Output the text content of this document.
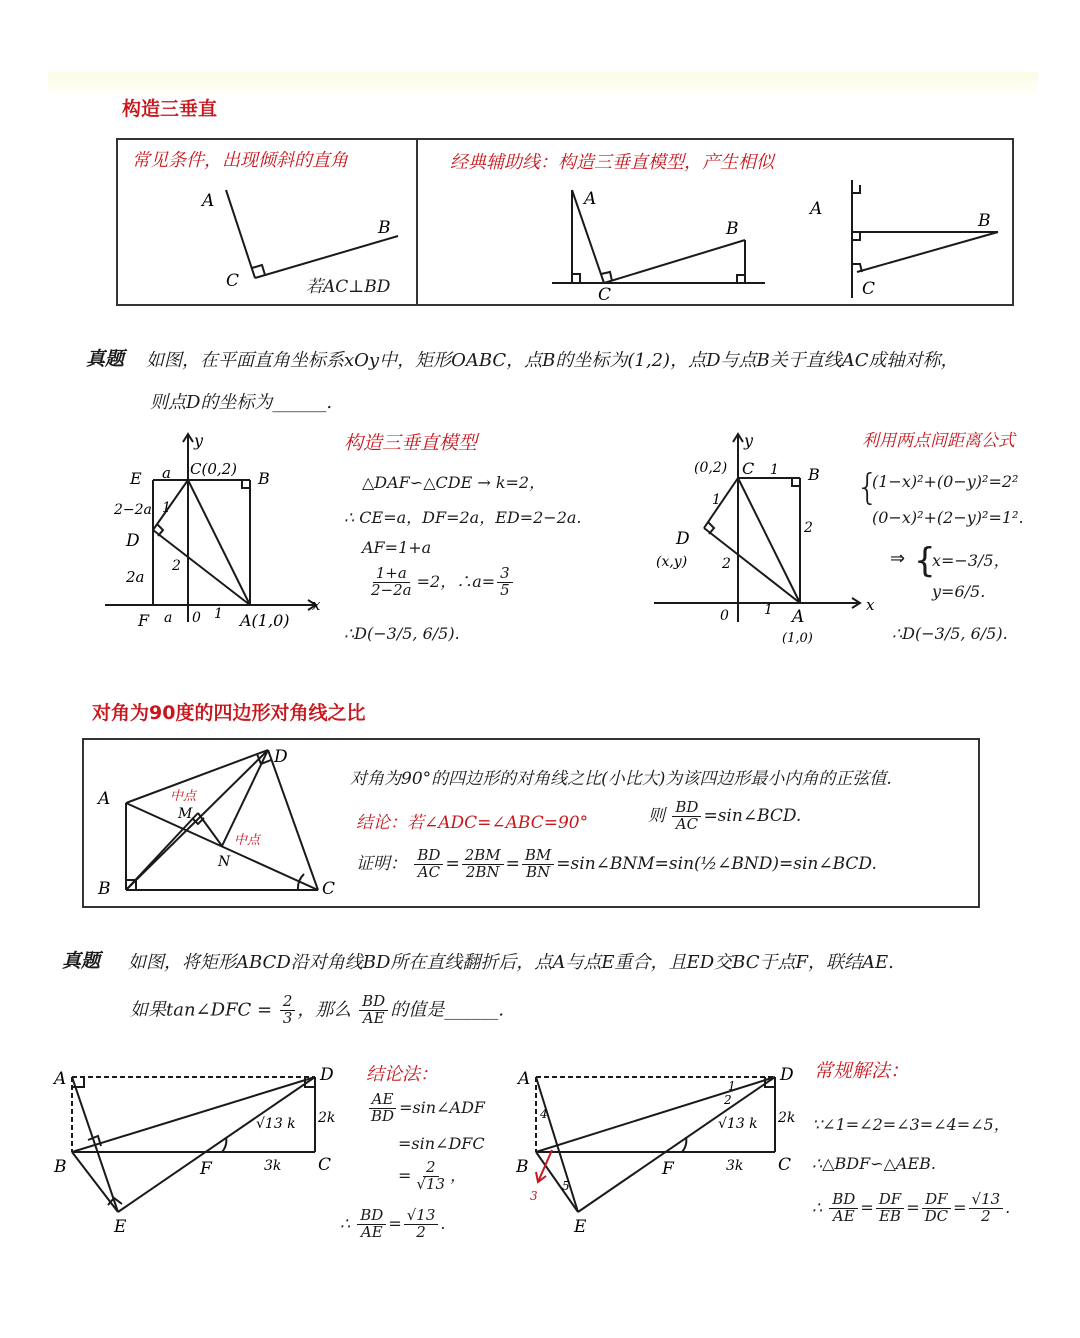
构造三垂直
常见条件，出现倾斜的直角	经典辅助线：构造三垂直模型，产生相似
若AC⊥BD
A
B
C
A
B
C
A
B
C
真题 如图，在平面直角坐标系xOy中，矩形OABC，点B的坐标为(1,2)，点D与点B关于直线AC成轴对称，
则点D的坐标为______.
构造三垂直模型
△DAF∽△CDE → k=2，
∴ CE=a，DF=2a，ED=2−2a.
AF=1+a
$\frac{1+a}{2-2a} =2$，∴a= $\frac{3}{5}$
∴D(−3/5, 6/5).
利用两点间距离公式
{
(1−x)²+(0−y)²=2²
(0−x)²+(2−y)²=1².
⇒ {
x=−3/5，
y=6/5.
∴D(−3/5, 6/5).
E a C(0,2) B
y
2−2a 1
D
2
2a
F a 0 1 A(1,0)
x
y
(0,2) C 1 B
2
1
D
(x,y) 2
0	1 A
(1,0)
x
对角为90度的四边形对角线之比
对角为90°的四边形的对角线之比(小比大)为该四边形最小内角的正弦值.
结论：若∠ADC=∠ABC=90°	则 $\frac{BD}{AC}$ =sin∠BCD.
证明： $\frac{BD}{AC} = \frac{2BM}{2BN} = \frac{BM}{BN}$ =sin∠BNM=sin(½∠BND)=sin∠BCD.
A
B	C
D
M
N
中点
中点
真题 如图，将矩形ABCD沿对角线BD所在直线翻折后，点A与点E重合，且ED交BC于点F，联结AE.
如果tan∠DFC = $\frac{2}{3}$ ，那么 $\frac{BD}{AE}$ 的值是______.
结论法：
$\frac{AE}{BD}$ =sin∠ADF
=sin∠DFC
= $\frac{2}{√13}$ ，
∴ $\frac{BD}{AE} = \frac{√13}{2}$ .
常规解法：
∵∠1=∠2=∠3=∠4=∠5，
∴△BDF∽△AEB.
∴ $\frac{BD}{AE} = \frac{DF}{EB} = \frac{DF}{DC} = \frac{√13}{2}$ .
A	D
B	F	C
E
√13 k 2k
3k
A	D
B	F	C
E
√13 k 2k
3k
1
2
3
4
5
